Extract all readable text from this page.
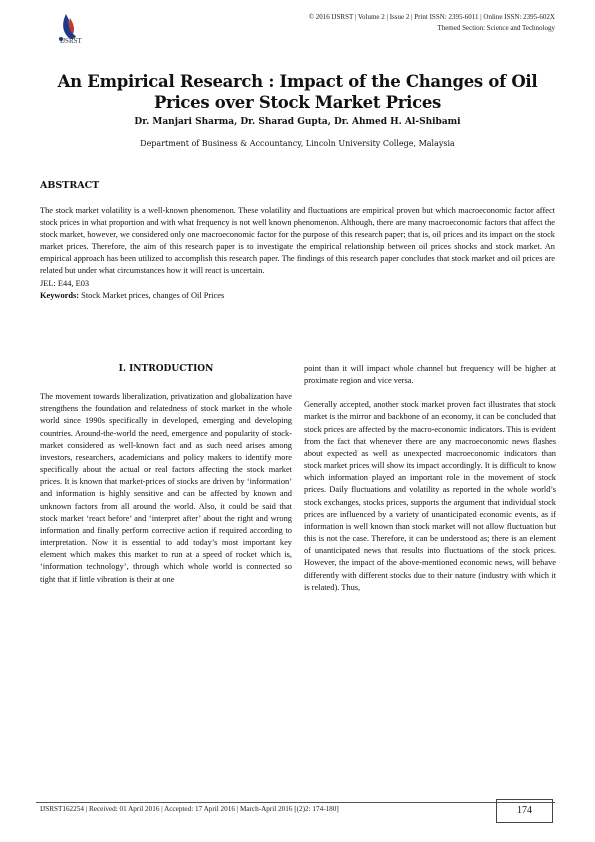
IJSRST
© 2016 IJSRST | Volume 2 | Issue 2 | Print ISSN: 2395-6011 | Online ISSN: 2395-602X
Themed Section: Science and Technology
An Empirical Research : Impact of the Changes of Oil Prices over Stock Market Prices
Dr. Manjari Sharma, Dr. Sharad Gupta, Dr. Ahmed H. Al-Shibami
Department of Business & Accountancy, Lincoln University College, Malaysia
ABSTRACT

The stock market volatility is a well-known phenomenon. These volatility and fluctuations are empirical proven but which macroeconomic factor affect stock prices in what proportion and with what frequency is not well known phenomenon. Although, there are many macroeconomic factors that affect the stock market, however, we considered only one macroeconomic factor for the purpose of this research paper; that is, oil prices and its impact on the stock market prices. Therefore, the aim of this research paper is to investigate the empirical relationship between oil prices shocks and stock market. An empirical approach has been utilized to accomplish this research paper. The findings of this research paper concludes that stock market and oil prices are related but under what circumstances how it will react is uncertain.

JEL: E44, E03

Keywords: Stock Market prices, changes of Oil Prices

I. INTRODUCTION

The movement towards liberalization, privatization and globalization have strengthens the foundation and relatedness of stock market in the whole world since 1990s specifically in developed, emerging and developing countries. Around-the-world the need, emergence and popularity of stock-market considered as well-known fact and as such need arises among investors, researchers, academicians and policy makers to identify more specifically about the actual or real factors affecting the stock market prices. It is known that market-prices of stocks are driven by ‘information’ and information is highly sensitive and can be affected by known and unknown factors from all around the world. Also, it could be said that stock market ‘react before’ and ‘interpret after’ about the right and wrong information and finally perform corrective action if required according to interpretation. Now it is essential to add today’s most important key element which makes this market to run at a speed of rocket which is, ‘information technology’, through which whole world is connected so tight that if little vibration is their at one

point than it will impact whole channel but frequency will be higher at proximate region and vice versa.

Generally accepted, another stock market proven fact illustrates that stock market is the mirror and backbone of an economy, it can be concluded that stock prices are affected by the macro-economic indicators. This is evident from the fact that whenever there are any macroeconomic news flashes about expected as well as unexpected macroeconomic indicators than stock market prices will show its impact accordingly. It is difficult to know which information played an important role in the movement of stock prices. Daily fluctuations and volatility as reported in the whole world’s stock exchanges, stocks prices, supports the argument that individual stock prices are influenced by a variety of unanticipated economic events, as if information is well known than stock market will not allow fluctuation but this is not the case. Therefore, it can be understood as; there is an element of unanticipated news that results into fluctuations of the stock prices. However, the impact of the above-mentioned economic news, will behave differently with different stocks due to their nature (industry with which it is related). Thus,

IJSRST162254 | Received: 01 April 2016 | Accepted: 17 April 2016 | March-April 2016 [(2)2: 174-180]	174
